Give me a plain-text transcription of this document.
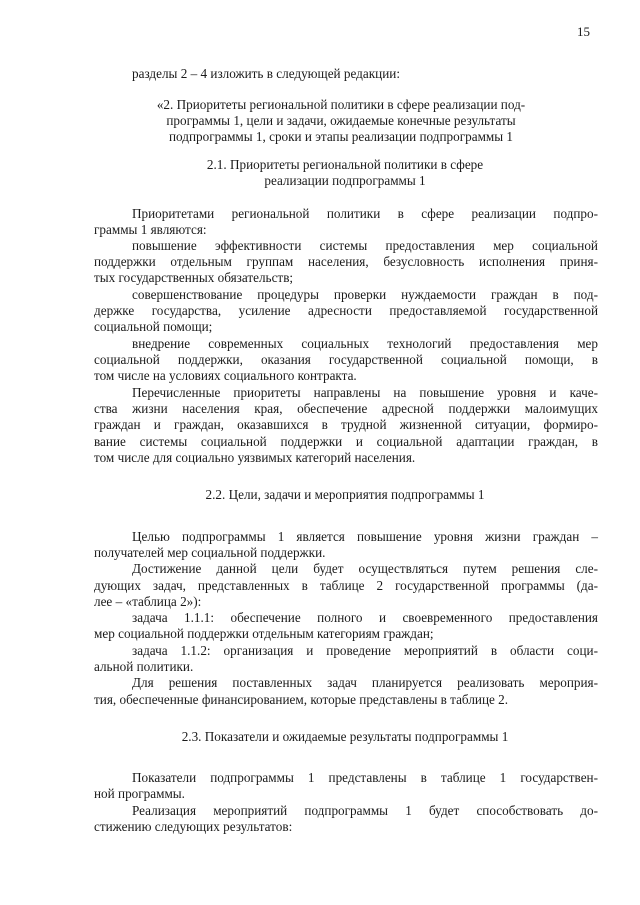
15
разделы 2 – 4 изложить в следующей редакции:
«2. Приоритеты региональной политики в сфере реализации под-
программы 1, цели и задачи, ожидаемые конечные результаты
подпрограммы 1, сроки и этапы реализации подпрограммы 1
2.1. Приоритеты региональной политики в сфере
реализации подпрограммы 1
Приоритетами региональной политики в сфере реализации подпро-
граммы 1 являются:
повышение эффективности системы предоставления мер социальной
поддержки отдельным группам населения, безусловность исполнения приня-
тых государственных обязательств;
совершенствование процедуры проверки нуждаемости граждан в под-
держке государства, усиление адресности предоставляемой государственной
социальной помощи;
внедрение современных социальных технологий предоставления мер
социальной поддержки, оказания государственной социальной помощи, в
том числе на условиях социального контракта.
Перечисленные приоритеты направлены на повышение уровня и каче-
ства жизни населения края, обеспечение адресной поддержки малоимущих
граждан и граждан, оказавшихся в трудной жизненной ситуации, формиро-
вание системы социальной поддержки и социальной адаптации граждан, в
том числе для социально уязвимых категорий населения.
2.2. Цели, задачи и мероприятия подпрограммы 1
Целью подпрограммы 1 является повышение уровня жизни граждан –
получателей мер социальной поддержки.
Достижение данной цели будет осуществляться путем решения сле-
дующих задач, представленных в таблице 2 государственной программы (да-
лее – «таблица 2»):
задача 1.1.1: обеспечение полного и своевременного предоставления
мер социальной поддержки отдельным категориям граждан;
задача 1.1.2: организация и проведение мероприятий в области соци-
альной политики.
Для решения поставленных задач планируется реализовать мероприя-
тия, обеспеченные финансированием, которые представлены в таблице 2.
2.3. Показатели и ожидаемые результаты подпрограммы 1
Показатели подпрограммы 1 представлены в таблице 1 государствен-
ной программы.
Реализация мероприятий подпрограммы 1 будет способствовать до-
стижению следующих результатов:
